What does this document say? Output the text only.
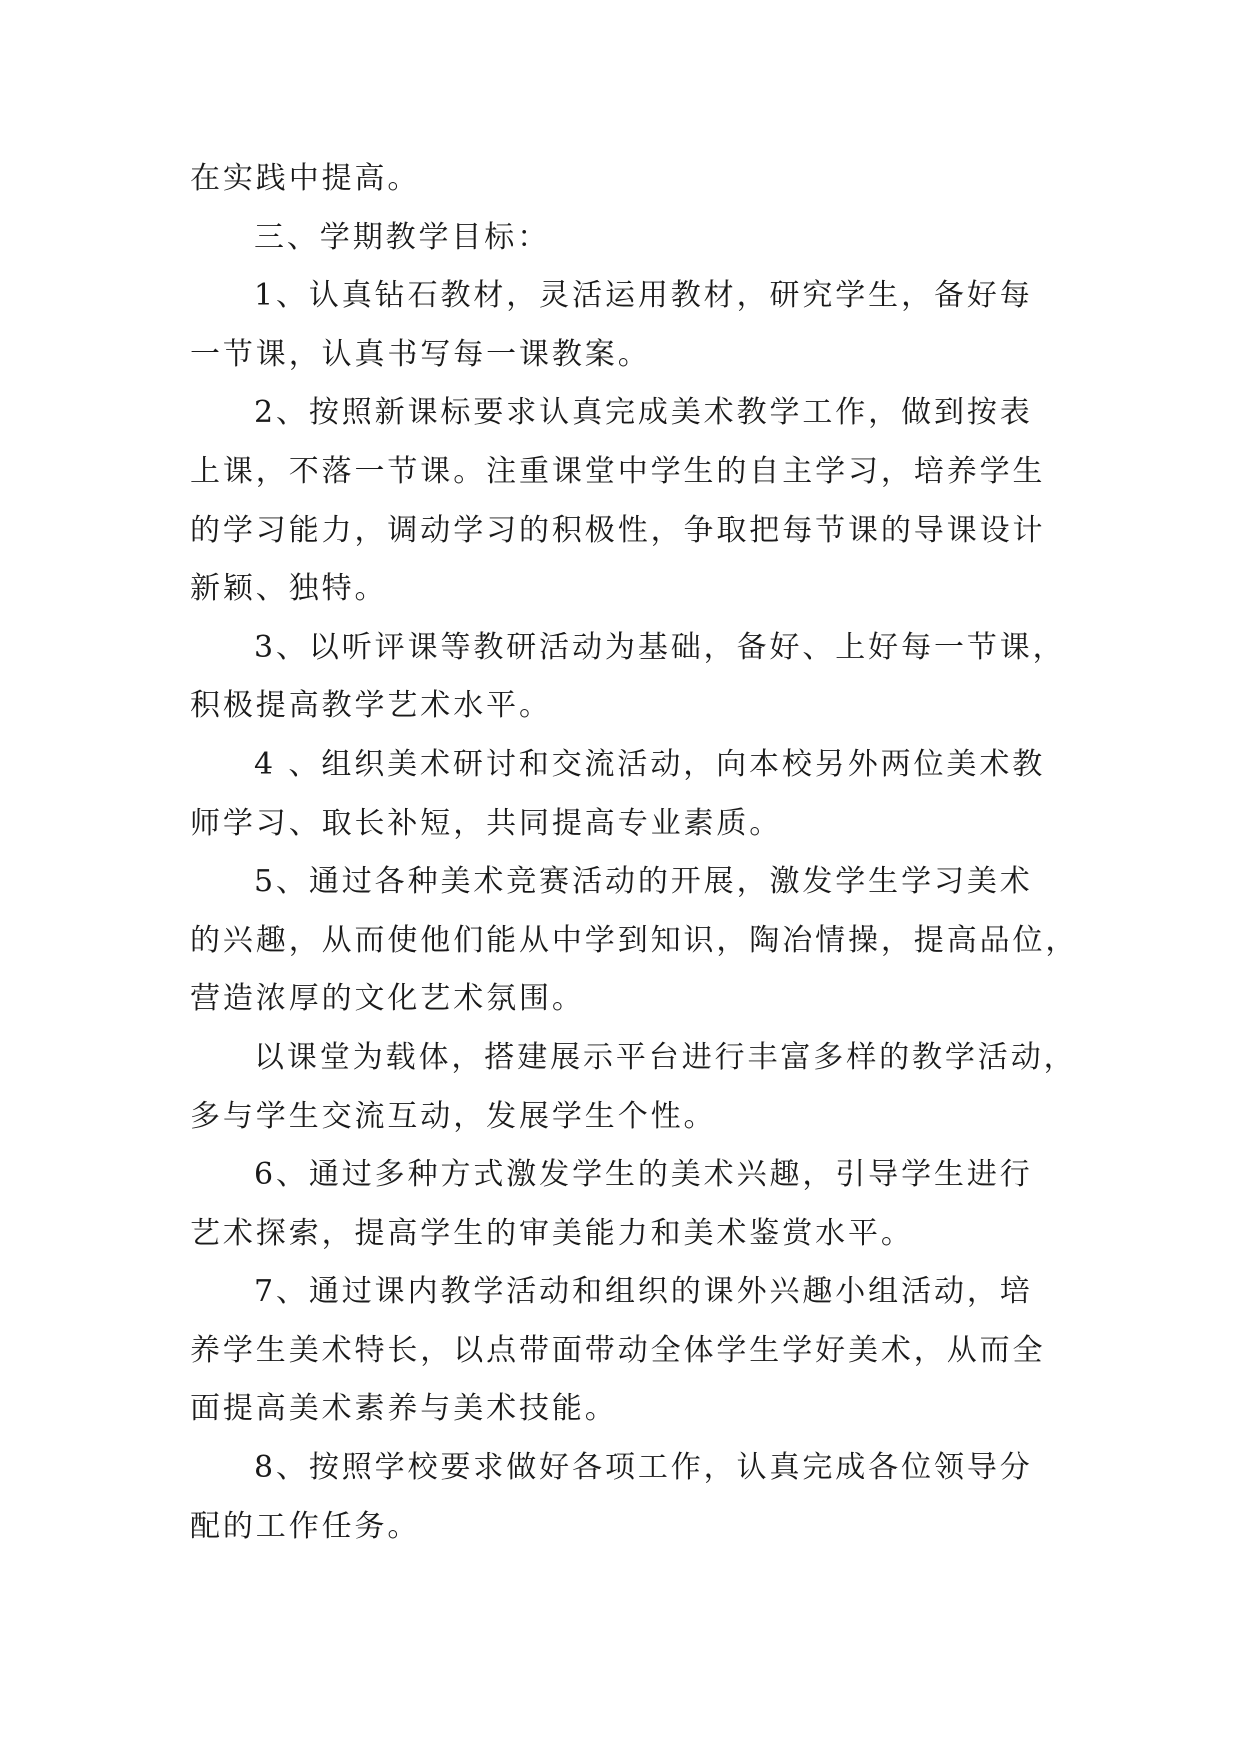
在实践中提高。
三、学期教学目标：
1、认真钻石教材，灵活运用教材，研究学生，备好每
一节课，认真书写每一课教案。
2、按照新课标要求认真完成美术教学工作，做到按表
上课，不落一节课。注重课堂中学生的自主学习，培养学生
的学习能力，调动学习的积极性，争取把每节课的导课设计
新颖、独特。
3、以听评课等教研活动为基础，备好、上好每一节课，
积极提高教学艺术水平。
4 、组织美术研讨和交流活动，向本校另外两位美术教
师学习、取长补短，共同提高专业素质。
5、通过各种美术竞赛活动的开展，激发学生学习美术
的兴趣，从而使他们能从中学到知识，陶冶情操，提高品位，
营造浓厚的文化艺术氛围。
以课堂为载体，搭建展示平台进行丰富多样的教学活动，
多与学生交流互动，发展学生个性。
6、通过多种方式激发学生的美术兴趣，引导学生进行
艺术探索，提高学生的审美能力和美术鉴赏水平。
7、通过课内教学活动和组织的课外兴趣小组活动，培
养学生美术特长，以点带面带动全体学生学好美术，从而全
面提高美术素养与美术技能。
8、按照学校要求做好各项工作，认真完成各位领导分
配的工作任务。
